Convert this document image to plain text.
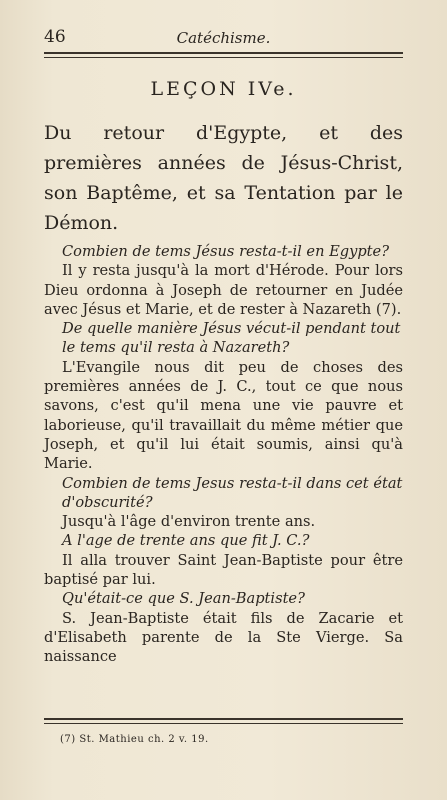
46	Catéchisme.
LEÇON IVe.
Du retour d'Egypte, et des premières années de Jésus-Christ, son Baptême, et sa Tentation par le Démon.

Combien de tems Jésus resta-t-il en Egypte?

Il y resta jusqu'à la mort d'Hérode. Pour lors Dieu ordonna à Joseph de retourner en Judée avec Jésus et Marie, et de rester à Nazareth (7).

De quelle manière Jésus vécut-il pendant tout le tems qu'il resta à Nazareth?

L'Evangile nous dit peu de choses des premières années de J. C., tout ce que nous savons, c'est qu'il mena une vie pauvre et laborieuse, qu'il travaillait du même métier que Joseph, et qu'il lui était soumis, ainsi qu'à Marie.

Combien de tems Jesus resta-t-il dans cet état d'obscurité?

Jusqu'à l'âge d'environ trente ans.

A l'age de trente ans que fit J. C.?

Il alla trouver Saint Jean-Baptiste pour être baptisé par lui.

Qu'était-ce que S. Jean-Baptiste?

S. Jean-Baptiste était fils de Zacarie et d'Elisabeth parente de la Ste Vierge. Sa naissance

(7) St. Mathieu ch. 2 v. 19.
